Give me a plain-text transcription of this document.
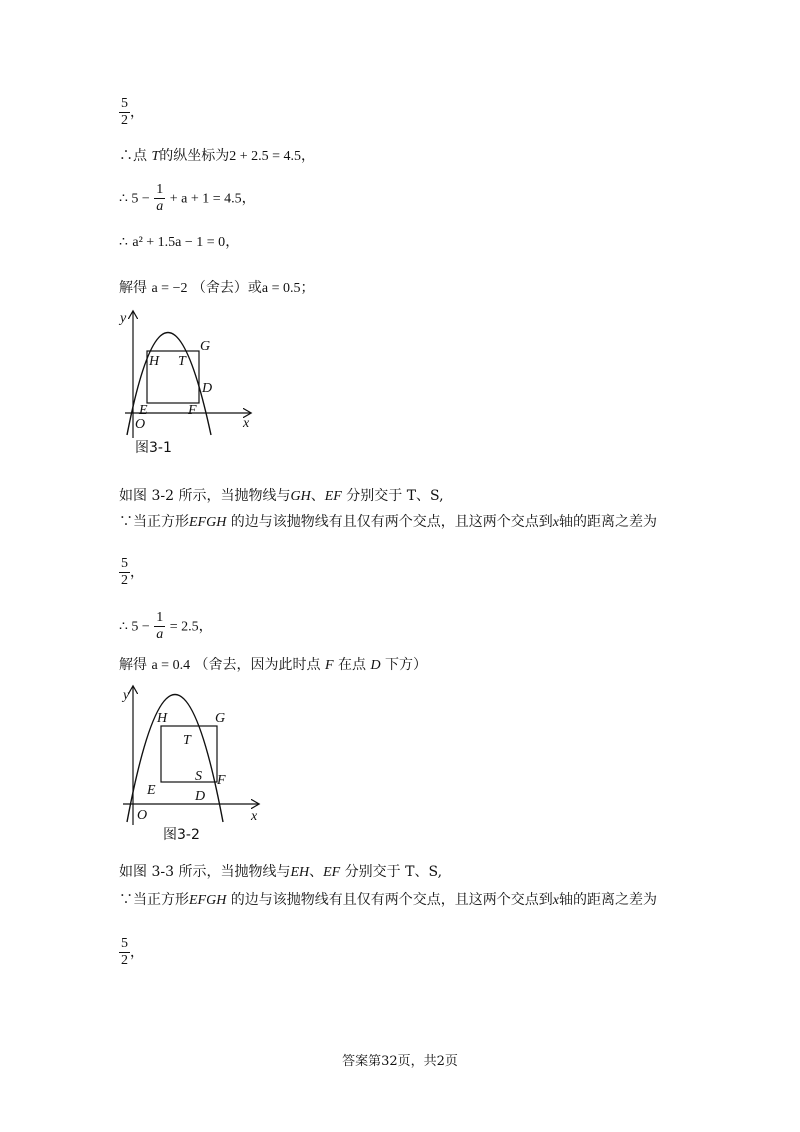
$\frac{5}{2}$ ，
∴点 T的纵坐标为2 + 2.5 = 4.5，
∴ $5 - \frac{1}{a} + a + 1 = 4.5$，
∴ a² + 1.5a − 1 = 0，
解得 a = −2 （舍去）或a = 0.5；
y
x
O
E	F
G
H T
D
图3-1
如图 3-2 所示，当抛物线与GH、EF 分别交于 T、S,
∵当正方形EFGH 的边与该抛物线有且仅有两个交点，且这两个交点到x轴的距离之差为
$\frac{5}{2}$ ，
∴ $5 - \frac{1}{a} = 2.5$，
解得 a = 0.4 （舍去，因为此时点 F 在点 D 下方）
y
x
O
E
F
G
H
T
S
D
图3-2
如图 3-3 所示，当抛物线与EH、EF 分别交于 T、S,
∵当正方形EFGH 的边与该抛物线有且仅有两个交点，且这两个交点到x轴的距离之差为
$\frac{5}{2}$ ，
答案第32页，共2页
